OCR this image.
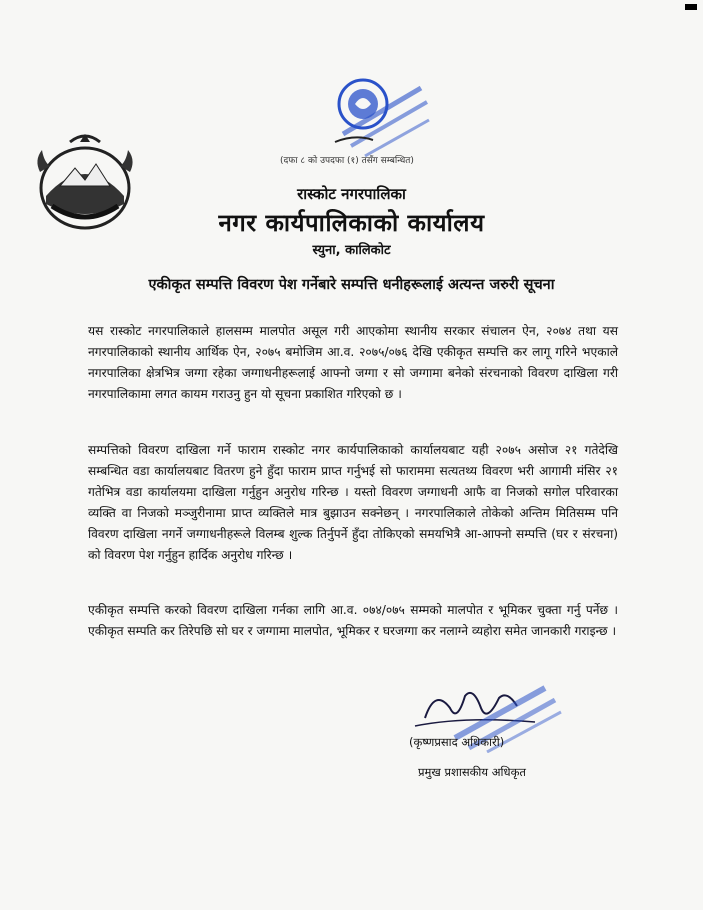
(दफा ८ को उपदफा (१) तसँग सम्बन्धित)
रास्कोट नगरपालिका
नगर कार्यपालिकाको कार्यालय
स्युना, कालिकोट
एकीकृत सम्पत्ति विवरण पेश गर्नेबारे सम्पत्ति धनीहरूलाई अत्यन्त जरुरी सूचना

यस रास्कोट नगरपालिकाले हालसम्म मालपोत असूल गरी आएकोमा स्थानीय सरकार संचालन ऐन, २०७४ तथा यस नगरपालिकाको स्थानीय आर्थिक ऐन, २०७५ बमोजिम आ.व. २०७५/०७६ देखि एकीकृत सम्पत्ति कर लागू गरिने भएकाले नगरपालिका क्षेत्रभित्र जग्गा रहेका जग्गाधनीहरूलाई आफ्नो जग्गा र सो जग्गामा बनेको संरचनाको विवरण दाखिला गरी नगरपालिकामा लगत कायम गराउनु हुन यो सूचना प्रकाशित गरिएको छ ।

सम्पत्तिको विवरण दाखिला गर्ने फाराम रास्कोट नगर कार्यपालिकाको कार्यालयबाट यही २०७५ असोज २१ गतेदेखि सम्बन्धित वडा कार्यालयबाट वितरण हुने हुँदा फाराम प्राप्त गर्नुभई सो फाराममा सत्यतथ्य विवरण भरी आगामी मंसिर २१ गतेभित्र वडा कार्यालयमा दाखिला गर्नुहुन अनुरोध गरिन्छ । यस्तो विवरण जग्गाधनी आफै वा निजको सगोल परिवारका व्यक्ति वा निजको मञ्जुरीनामा प्राप्त व्यक्तिले मात्र बुझाउन सक्नेछन् । नगरपालिकाले तोकेको अन्तिम मितिसम्म पनि विवरण दाखिला नगर्ने जग्गाधनीहरूले विलम्ब शुल्क तिर्नुपर्ने हुँदा तोकिएको समयभित्रै आ-आफ्नो सम्पत्ति (घर र संरचना) को विवरण पेश गर्नुहुन हार्दिक अनुरोध गरिन्छ ।

एकीकृत सम्पत्ति करको विवरण दाखिला गर्नका लागि आ.व. ०७४/०७५ सम्मको मालपोत र भूमिकर चुक्ता गर्नु पर्नेछ । एकीकृत सम्पति कर तिरेपछि सो घर र जग्गामा मालपोत, भूमिकर र घरजग्गा कर नलाग्ने व्यहोरा समेत जानकारी गराइन्छ ।

(कृष्णप्रसाद अधिकारी)
प्रमुख प्रशासकीय अधिकृत
